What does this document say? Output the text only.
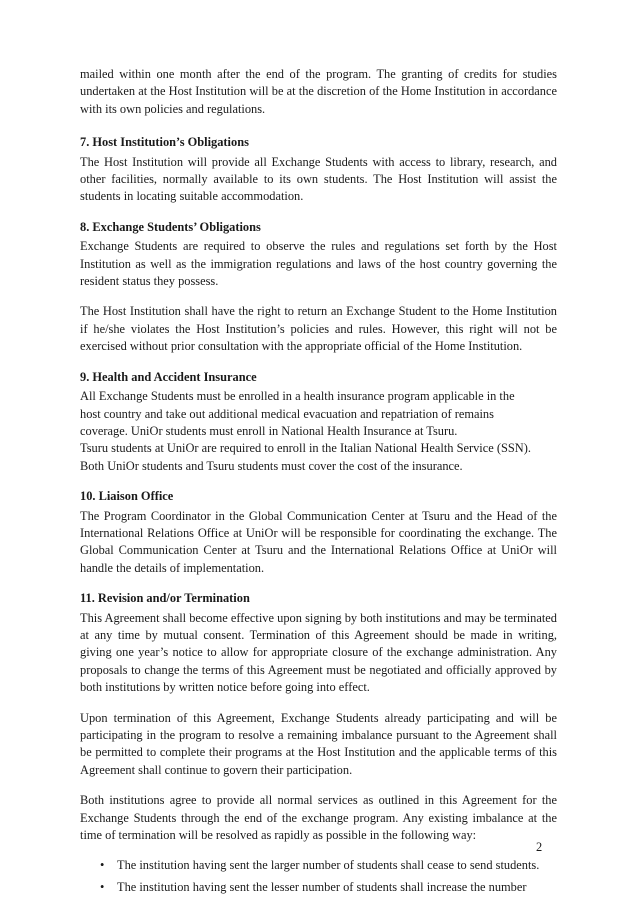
mailed within one month after the end of the program. The granting of credits for studies undertaken at the Host Institution will be at the discretion of the Home Institution in accordance with its own policies and regulations.

7. Host Institution’s Obligations

The Host Institution will provide all Exchange Students with access to library, research, and other facilities, normally available to its own students. The Host Institution will assist the students in locating suitable accommodation.

8. Exchange Students’ Obligations

Exchange Students are required to observe the rules and regulations set forth by the Host Institution as well as the immigration regulations and laws of the host country governing the resident status they possess.

The Host Institution shall have the right to return an Exchange Student to the Home Institution if he/she violates the Host Institution’s policies and rules. However, this right will not be exercised without prior consultation with the appropriate official of the Home Institution.

9. Health and Accident Insurance

All Exchange Students must be enrolled in a health insurance program applicable in the

host country and take out additional medical evacuation and repatriation of remains

coverage. UniOr students must enroll in National Health Insurance at Tsuru.

Tsuru students at UniOr are required to enroll in the Italian National Health Service (SSN).

Both UniOr students and Tsuru students must cover the cost of the insurance.

10. Liaison Office

The Program Coordinator in the Global Communication Center at Tsuru and the Head of the International Relations Office at UniOr will be responsible for coordinating the exchange. The Global Communication Center at Tsuru and the International Relations Office at UniOr will handle the details of implementation.

11. Revision and/or Termination

This Agreement shall become effective upon signing by both institutions and may be terminated at any time by mutual consent. Termination of this Agreement should be made in writing, giving one year’s notice to allow for appropriate closure of the exchange administration. Any proposals to change the terms of this Agreement must be negotiated and officially approved by both institutions by written notice before going into effect.

Upon termination of this Agreement, Exchange Students already participating and will be participating in the program to resolve a remaining imbalance pursuant to the Agreement shall be permitted to complete their programs at the Host Institution and the applicable terms of this Agreement shall continue to govern their participation.

Both institutions agree to provide all normal services as outlined in this Agreement for the Exchange Students through the end of the exchange program. Any existing imbalance at the time of termination will be resolved as rapidly as possible in the following way:

• The institution having sent the larger number of students shall cease to send students.
• The institution having sent the lesser number of students shall increase the number
2
